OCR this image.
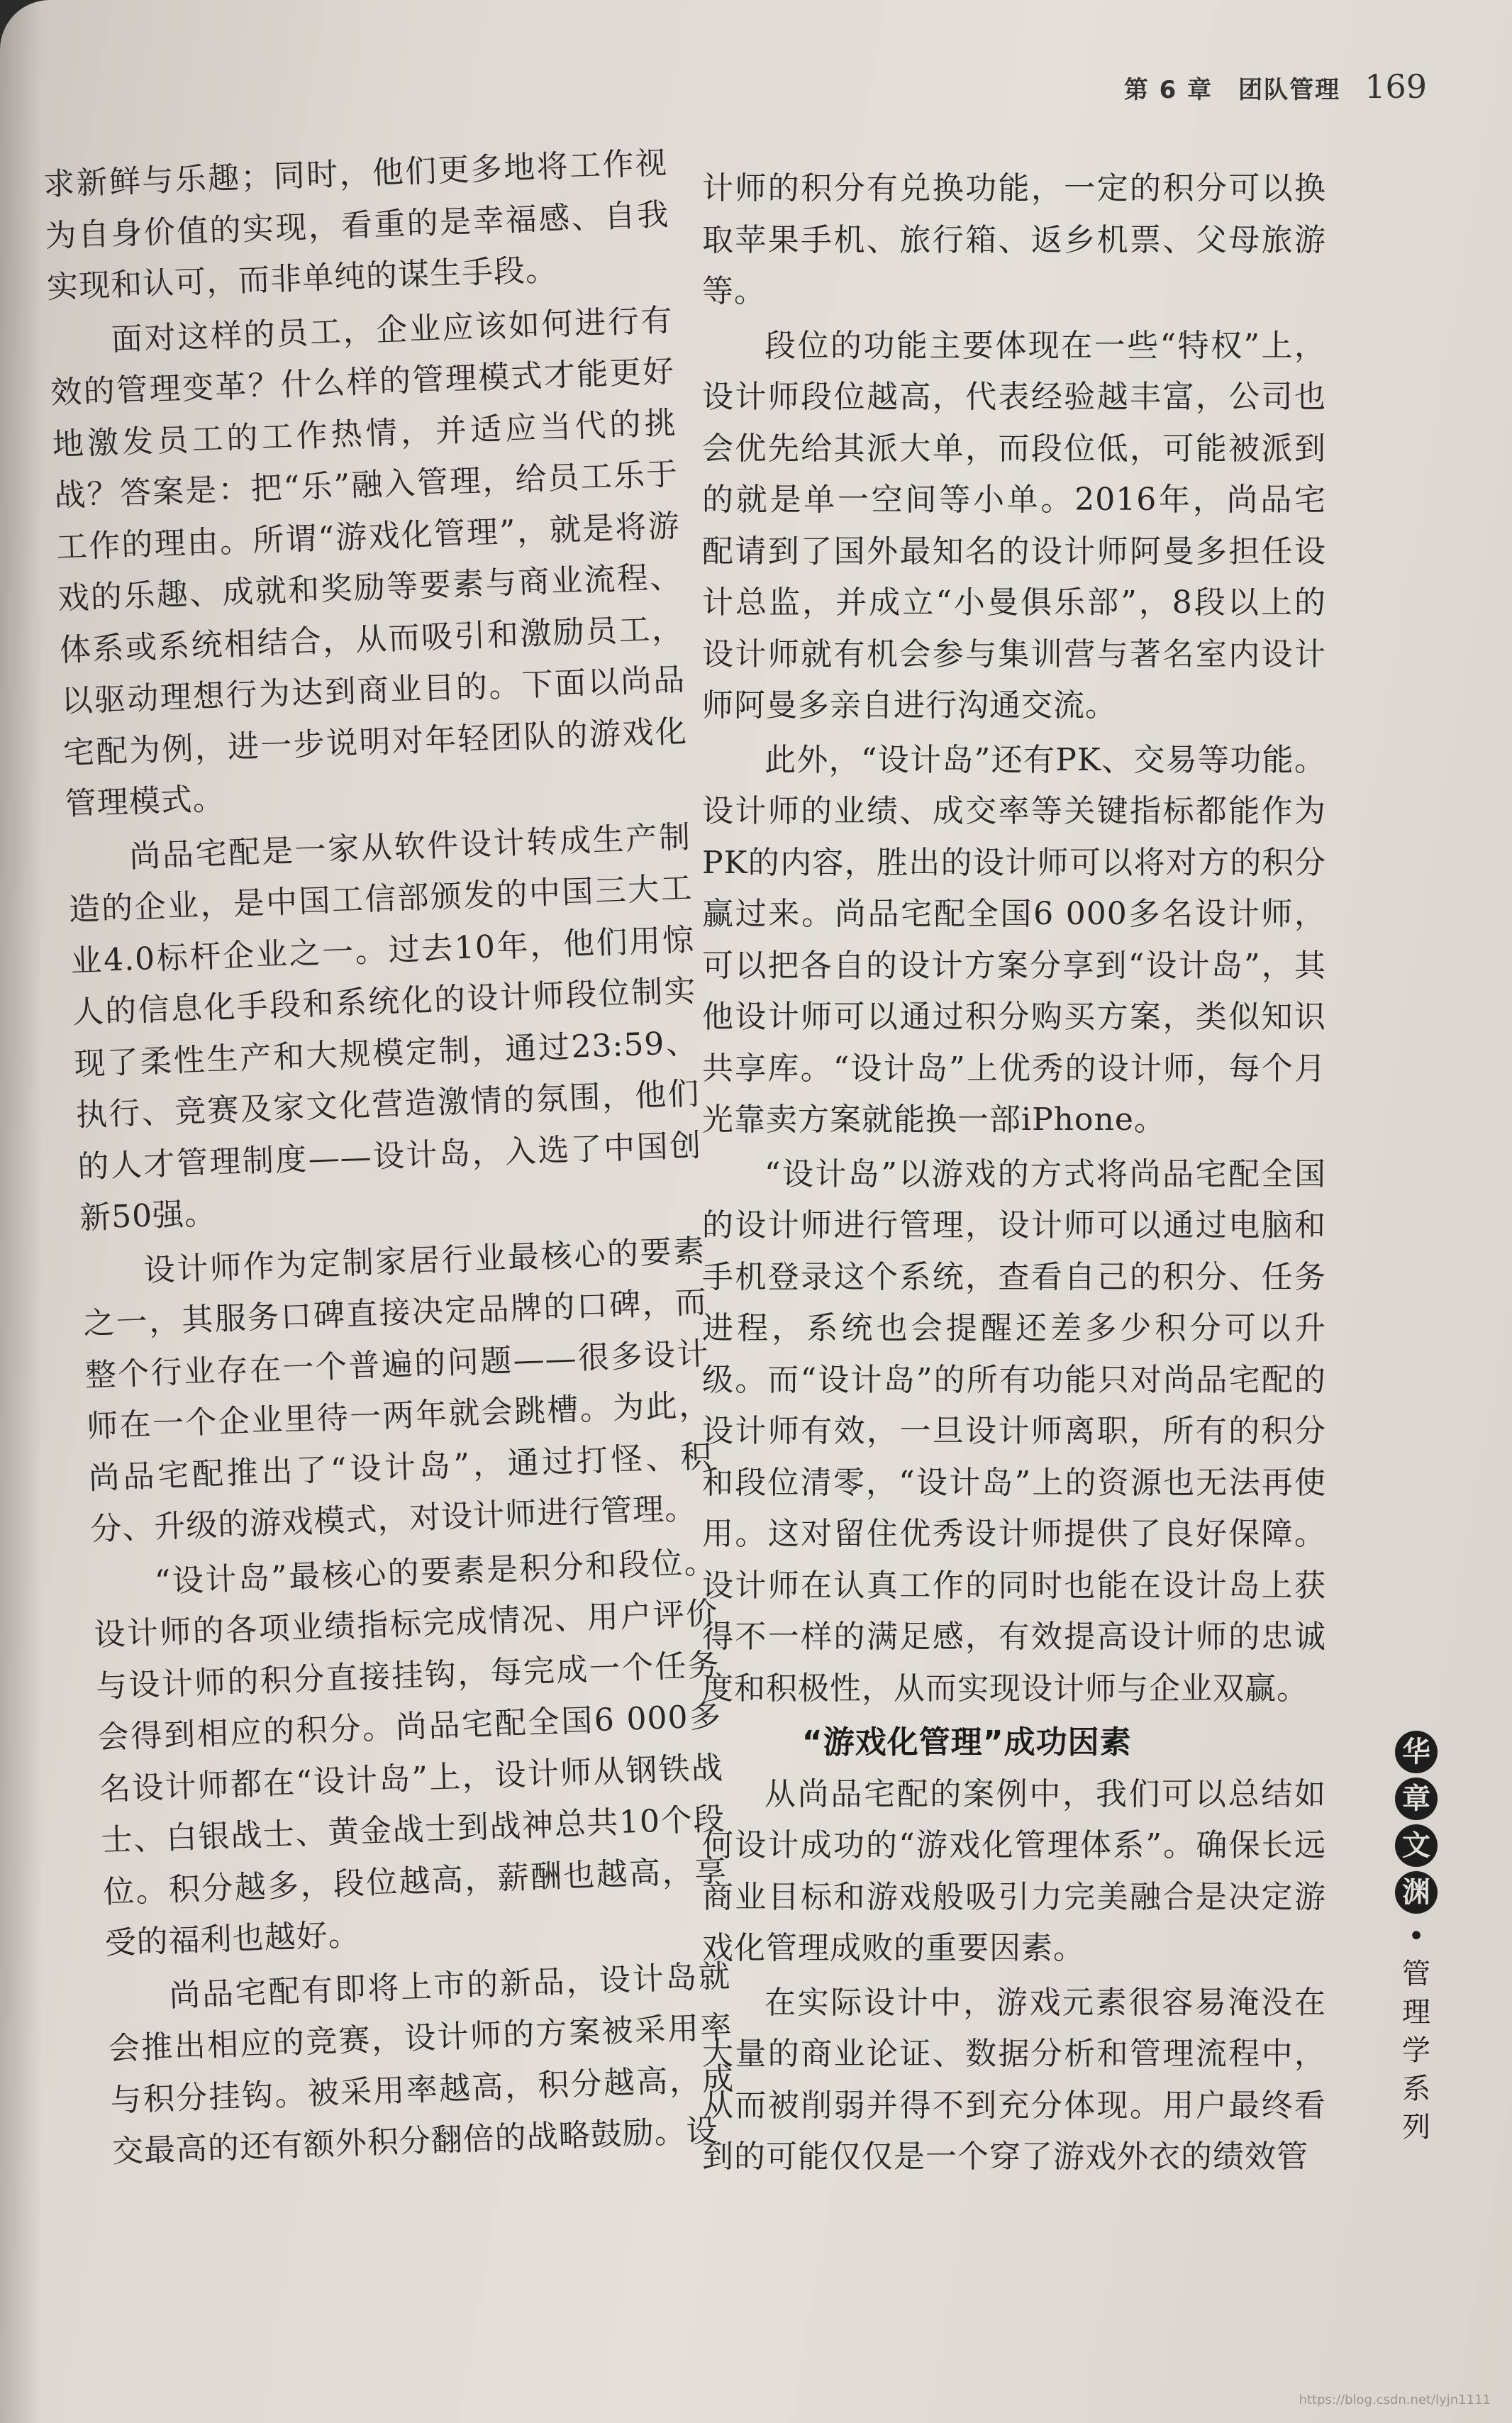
第 6 章　团队管理 169

求新鲜与乐趣；同时，他们更多地将工作视为自身价值的实现，看重的是幸福感、自我实现和认可，而非单纯的谋生手段。

面对这样的员工，企业应该如何进行有效的管理变革？什么样的管理模式才能更好地激发员工的工作热情，并适应当代的挑战？答案是：把“乐”融入管理，给员工乐于工作的理由。所谓“游戏化管理”，就是将游戏的乐趣、成就和奖励等要素与商业流程、体系或系统相结合，从而吸引和激励员工，以驱动理想行为达到商业目的。下面以尚品宅配为例，进一步说明对年轻团队的游戏化管理模式。

尚品宅配是一家从软件设计转成生产制造的企业，是中国工信部颁发的中国三大工业4.0标杆企业之一。过去10年，他们用惊人的信息化手段和系统化的设计师段位制实现了柔性生产和大规模定制，通过23:59、执行、竞赛及家文化营造激情的氛围，他们的人才管理制度——设计岛，入选了中国创新50强。

设计师作为定制家居行业最核心的要素之一，其服务口碑直接决定品牌的口碑，而整个行业存在一个普遍的问题——很多设计师在一个企业里待一两年就会跳槽。为此，尚品宅配推出了“设计岛”，通过打怪、积分、升级的游戏模式，对设计师进行管理。

“设计岛”最核心的要素是积分和段位。设计师的各项业绩指标完成情况、用户评价与设计师的积分直接挂钩，每完成一个任务会得到相应的积分。尚品宅配全国6 000多名设计师都在“设计岛”上，设计师从钢铁战士、白银战士、黄金战士到战神总共10个段位。积分越多，段位越高，薪酬也越高，享受的福利也越好。

尚品宅配有即将上市的新品，设计岛就会推出相应的竞赛，设计师的方案被采用率与积分挂钩。被采用率越高，积分越高，成交最高的还有额外积分翻倍的战略鼓励。设

计师的积分有兑换功能，一定的积分可以换取苹果手机、旅行箱、返乡机票、父母旅游等。

段位的功能主要体现在一些“特权”上，设计师段位越高，代表经验越丰富，公司也会优先给其派大单，而段位低，可能被派到的就是单一空间等小单。2016年，尚品宅配请到了国外最知名的设计师阿曼多担任设计总监，并成立“小曼俱乐部”，8段以上的设计师就有机会参与集训营与著名室内设计师阿曼多亲自进行沟通交流。

此外，“设计岛”还有PK、交易等功能。设计师的业绩、成交率等关键指标都能作为PK的内容，胜出的设计师可以将对方的积分赢过来。尚品宅配全国6 000多名设计师，可以把各自的设计方案分享到“设计岛”，其他设计师可以通过积分购买方案，类似知识共享库。“设计岛”上优秀的设计师，每个月光靠卖方案就能换一部iPhone。

“设计岛”以游戏的方式将尚品宅配全国的设计师进行管理，设计师可以通过电脑和手机登录这个系统，查看自己的积分、任务进程，系统也会提醒还差多少积分可以升级。而“设计岛”的所有功能只对尚品宅配的设计师有效，一旦设计师离职，所有的积分和段位清零，“设计岛”上的资源也无法再使用。这对留住优秀设计师提供了良好保障。设计师在认真工作的同时也能在设计岛上获得不一样的满足感，有效提高设计师的忠诚度和积极性，从而实现设计师与企业双赢。

“游戏化管理”成功因素

从尚品宅配的案例中，我们可以总结如何设计成功的“游戏化管理体系”。确保长远商业目标和游戏般吸引力完美融合是决定游戏化管理成败的重要因素。

在实际设计中，游戏元素很容易淹没在大量的商业论证、数据分析和管理流程中，从而被削弱并得不到充分体现。用户最终看到的可能仅仅是一个穿了游戏外衣的绩效管

华
章
文
渊
•
管
理
学
系
列
https://blog.csdn.net/lyjn1111
